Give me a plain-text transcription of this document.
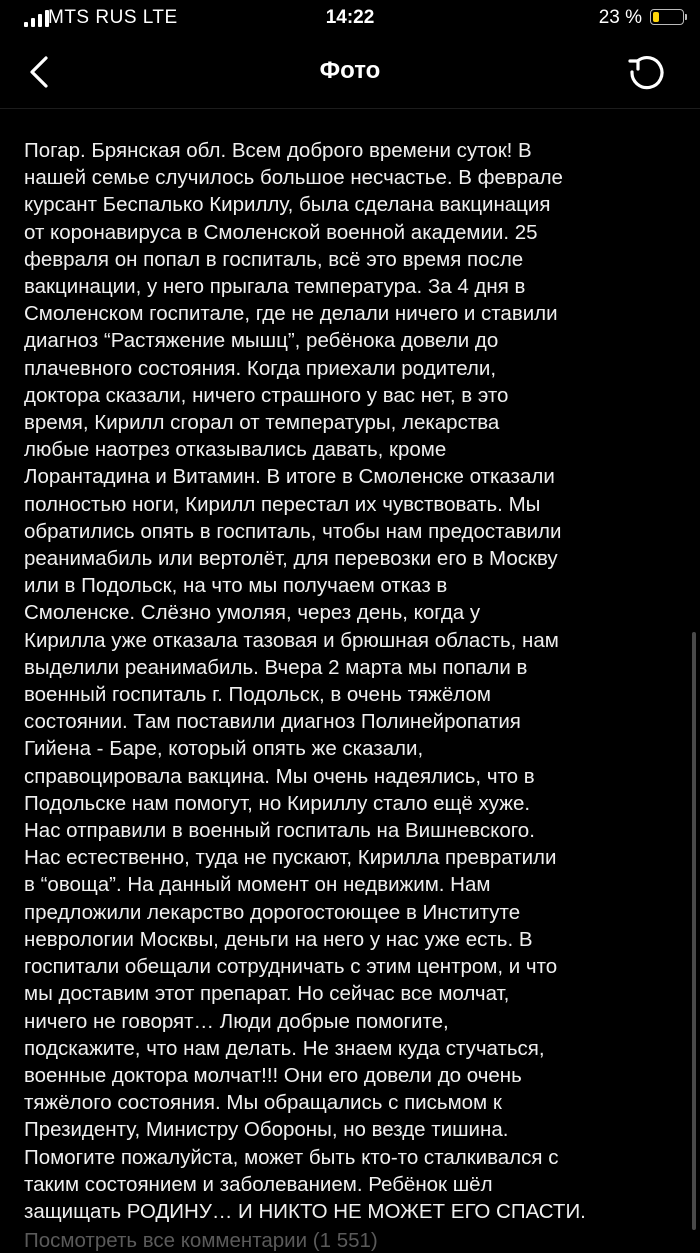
MTS RUS LTE	14:22	23 %
Фото
Погар. Брянская обл. Всем доброго времени суток! В
нашей семье случилось большое несчастье. В феврале
курсант Беспалько Кириллу, была сделана вакцинация
от коронавируса в Смоленской военной академии. 25
февраля он попал в госпиталь, всё это время после
вакцинации, у него прыгала температура. За 4 дня в
Смоленском госпитале, где не делали ничего и ставили
диагноз “Растяжение мышц”, ребёнока довели до
плачевного состояния. Когда приехали родители,
доктора сказали, ничего страшного у вас нет, в это
время, Кирилл сгорал от температуры, лекарства
любые наотрез отказывались давать, кроме
Лорантадина и Витамин. В итоге в Смоленске отказали
полностью ноги, Кирилл перестал их чувствовать. Мы
обратились опять в госпиталь, чтобы нам предоставили
реанимабиль или вертолёт, для перевозки его в Москву
или в Подольск, на что мы получаем отказ в
Смоленске. Слёзно умоляя, через день, когда у
Кирилла уже отказала тазовая и брюшная область, нам
выделили реанимабиль. Вчера 2 марта мы попали в
военный госпиталь г. Подольск, в очень тяжёлом
состоянии. Там поставили диагноз Полинейропатия
Гийена - Баре, который опять же сказали,
справоцировала вакцина. Мы очень надеялись, что в
Подольске нам помогут, но Кириллу стало ещё хуже.
Нас отправили в военный госпиталь на Вишневского.
Нас естественно, туда не пускают, Кирилла превратили
в “овоща”. На данный момент он недвижим. Нам
предложили лекарство дорогостоющее в Институте
неврологии Москвы, деньги на него у нас уже есть. В
госпитали обещали сотрудничать с этим центром, и что
мы доставим этот препарат. Но сейчас все молчат,
ничего не говорят… Люди добрые помогите,
подскажите, что нам делать. Не знаем куда стучаться,
военные доктора молчат!!! Они его довели до очень
тяжёлого состояния. Мы обращались с письмом к
Президенту, Министру Обороны, но везде тишина.
Помогите пожалуйста, может быть кто-то сталкивался с
таким состоянием и заболеванием. Ребёнок шёл
защищать РОДИНУ… И НИКТО НЕ МОЖЕТ ЕГО СПАСТИ.
Посмотреть все комментарии (1 551)
